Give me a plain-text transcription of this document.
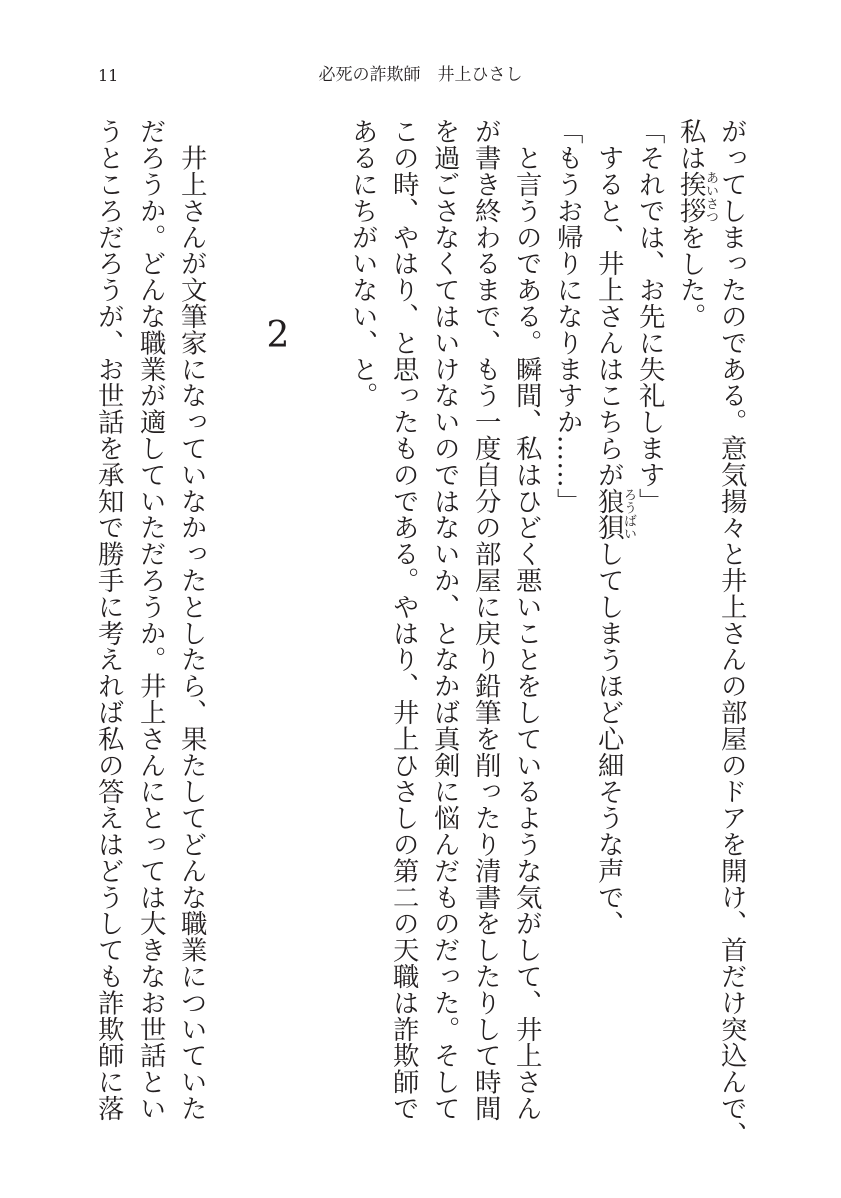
11	必死の詐欺師　井上ひさし
がってしまったのである。意気揚々と井上さんの部屋のドアを開け、首だけ突込んで、
私は挨拶をした。
あいさつ
「それでは、お先に失礼します」
　すると、井上さんはこちらが狼狽してしまうほど心細そうな声で、
ろうばい
「もうお帰りになりますか……」
　と言うのである。瞬間、私はひどく悪いことをしているような気がして、井上さん
が書き終わるまで、もう一度自分の部屋に戻り鉛筆を削ったり清書をしたりして時間
を過ごさなくてはいけないのではないか、となかば真剣に悩んだものだった。そして
この時、やはり、と思ったものである。やはり、井上ひさしの第二の天職は詐欺師で
あるにちがいない、と。
2
　井上さんが文筆家になっていなかったとしたら、果たしてどんな職業についていた
だろうか。どんな職業が適していただろうか。井上さんにとっては大きなお世話とい
うところだろうが、お世話を承知で勝手に考えれば私の答えはどうしても詐欺師に落
